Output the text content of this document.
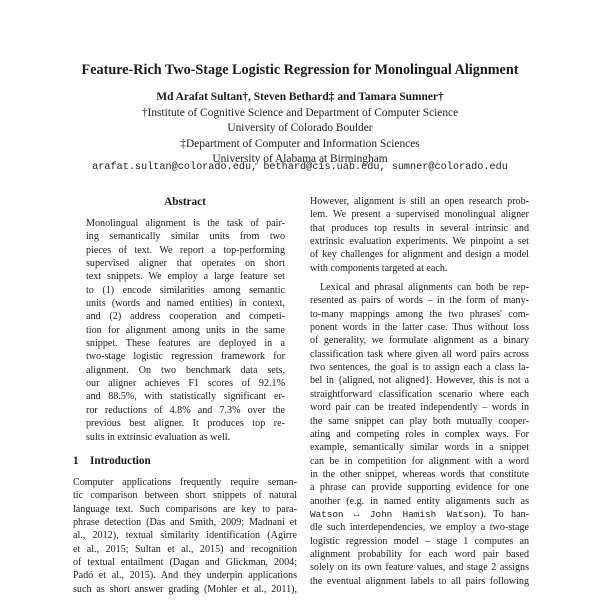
Feature-Rich Two-Stage Logistic Regression for Monolingual Alignment
Md Arafat Sultan†, Steven Bethard‡ and Tamara Sumner†
†Institute of Cognitive Science and Department of Computer Science
University of Colorado Boulder
‡Department of Computer and Information Sciences
University of Alabama at Birmingham
arafat.sultan@colorado.edu, bethard@cis.uab.edu, sumner@colorado.edu
Abstract
Monolingual alignment is the task of pair-
ing semantically similar units from two
pieces of text. We report a top-performing
supervised aligner that operates on short
text snippets. We employ a large feature set
to (1) encode similarities among semantic
units (words and named entities) in context,
and (2) address cooperation and competi-
tion for alignment among units in the same
snippet. These features are deployed in a
two-stage logistic regression framework for
alignment. On two benchmark data sets,
our aligner achieves F1 scores of 92.1%
and 88.5%, with statistically significant er-
ror reductions of 4.8% and 7.3% over the
previous best aligner. It produces top re-
sults in extrinsic evaluation as well.
1 Introduction
Computer applications frequently require seman-
tic comparison between short snippets of natural
language text. Such comparisons are key to para-
phrase detection (Das and Smith, 2009; Madnani et
al., 2012), textual similarity identification (Agirre
et al., 2015; Sultan et al., 2015) and recognition
of textual entailment (Dagan and Glickman, 2004;
Padó et al., 2015). And they underpin applications
such as short answer grading (Mohler et al., 2011),
However, alignment is still an open research prob-
lem. We present a supervised monolingual aligner
that produces top results in several intrinsic and
extrinsic evaluation experiments. We pinpoint a set
of key challenges for alignment and design a model
with components targeted at each.
Lexical and phrasal alignments can both be rep-
resented as pairs of words – in the form of many-
to-many mappings among the two phrases' com-
ponent words in the latter case. Thus without loss
of generality, we formulate alignment as a binary
classification task where given all word pairs across
two sentences, the goal is to assign each a class la-
bel in {aligned, not aligned}. However, this is not a
straightforward classification scenario where each
word pair can be treated independently – words in
the same snippet can play both mutually cooper-
ating and competing roles in complex ways. For
example, semantically similar words in a snippet
can be in competition for alignment with a word
in the other snippet, whereas words that constitute
a phrase can provide supporting evidence for one
another (e.g. in named entity alignments such as
Watson ↔ John Hamish Watson). To han-
dle such interdependencies, we employ a two-stage
logistic regression model – stage 1 computes an
alignment probability for each word pair based
solely on its own feature values, and stage 2 assigns
the eventual alignment labels to all pairs following
